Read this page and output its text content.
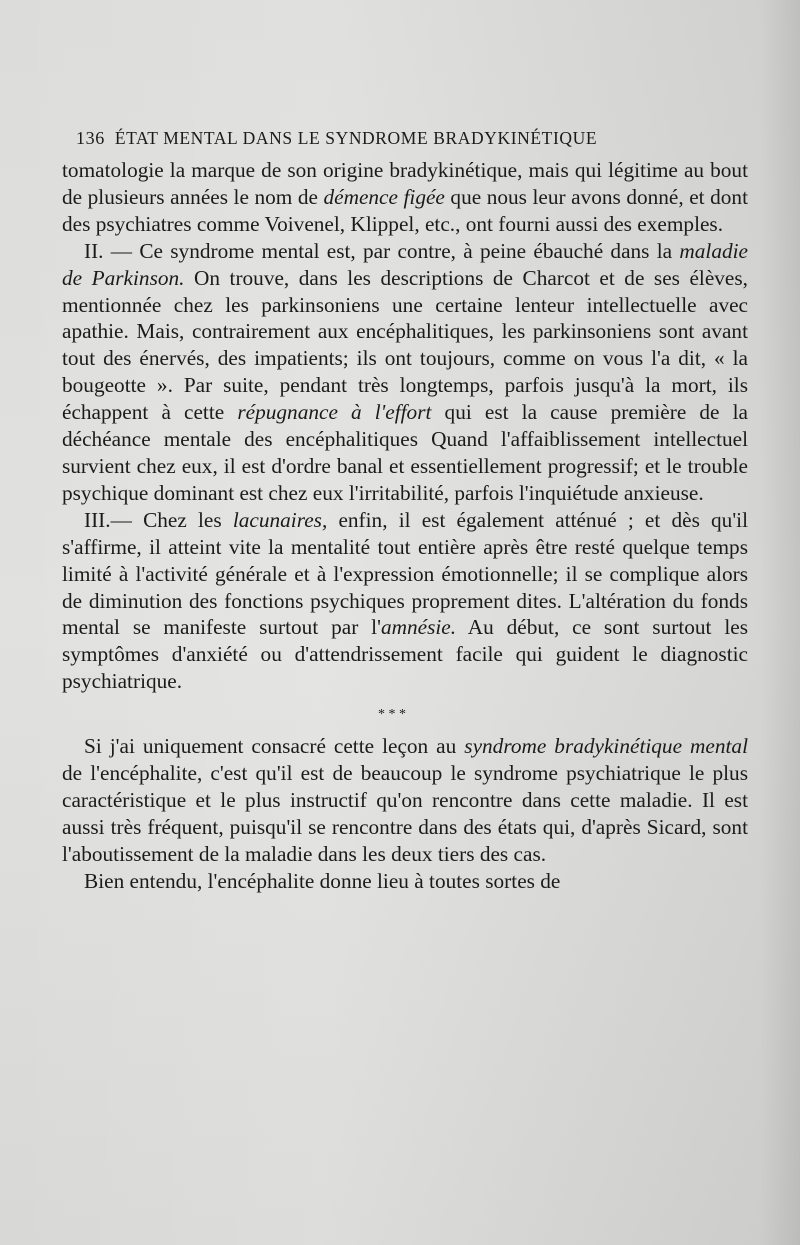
136 ÉTAT MENTAL DANS LE SYNDROME BRADYKINÉTIQUE

tomatologie la marque de son origine bradykinétique, mais qui légitime au bout de plusieurs années le nom de démence figée que nous leur avons donné, et dont des psychiatres comme Voivenel, Klippel, etc., ont fourni aussi des exemples.

II. — Ce syndrome mental est, par contre, à peine ébauché dans la maladie de Parkinson. On trouve, dans les descriptions de Charcot et de ses élèves, mentionnée chez les parkinsoniens une certaine lenteur intellectuelle avec apathie. Mais, contrairement aux encéphalitiques, les parkinsoniens sont avant tout des énervés, des impatients; ils ont toujours, comme on vous l'a dit, « la bougeotte ». Par suite, pendant très longtemps, parfois jusqu'à la mort, ils échappent à cette répugnance à l'effort qui est la cause première de la déchéance mentale des encéphalitiques Quand l'affaiblissement intellectuel survient chez eux, il est d'ordre banal et essentiellement progressif; et le trouble psychique dominant est chez eux l'irritabilité, parfois l'inquiétude anxieuse.

III.— Chez les lacunaires, enfin, il est également atténué ; et dès qu'il s'affirme, il atteint vite la mentalité tout entière après être resté quelque temps limité à l'activité générale et à l'expression émotionnelle; il se complique alors de diminution des fonctions psychiques proprement dites. L'altération du fonds mental se manifeste surtout par l'amnésie. Au début, ce sont surtout les symptômes d'anxiété ou d'attendrissement facile qui guident le diagnostic psychiatrique.

* * *

Si j'ai uniquement consacré cette leçon au syndrome bradykinétique mental de l'encéphalite, c'est qu'il est de beaucoup le syndrome psychiatrique le plus caractéristique et le plus instructif qu'on rencontre dans cette maladie. Il est aussi très fréquent, puisqu'il se rencontre dans des états qui, d'après Sicard, sont l'aboutissement de la maladie dans les deux tiers des cas.

Bien entendu, l'encéphalite donne lieu à toutes sortes de
